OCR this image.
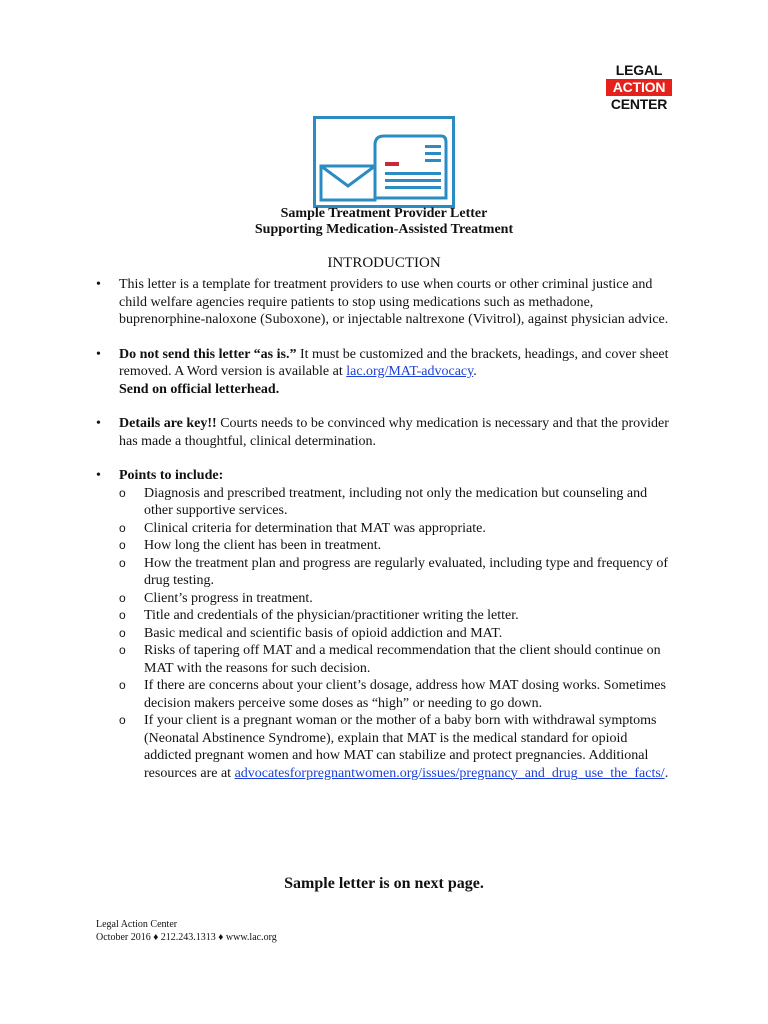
LEGAL
ACTION
CENTER
Sample Treatment Provider Letter
Supporting Medication-Assisted Treatment
INTRODUCTION
• This letter is a template for treatment providers to use when courts or other criminal justice and child welfare agencies require patients to stop using medications such as methadone, buprenorphine-naloxone (Suboxone), or injectable naltrexone (Vivitrol), against physician advice.
• Do not send this letter “as is.” It must be customized and the brackets, headings, and cover sheet removed. A Word version is available at lac.org/MAT-advocacy.
Send on official letterhead.
• Details are key!! Courts needs to be convinced why medication is necessary and that the provider has made a thoughtful, clinical determination.
• Points to include:
o Diagnosis and prescribed treatment, including not only the medication but counseling and other supportive services.
o Clinical criteria for determination that MAT was appropriate.
o How long the client has been in treatment.
o How the treatment plan and progress are regularly evaluated, including type and frequency of drug testing.
o Client’s progress in treatment.
o Title and credentials of the physician/practitioner writing the letter.
o Basic medical and scientific basis of opioid addiction and MAT.
o Risks of tapering off MAT and a medical recommendation that the client should continue on MAT with the reasons for such decision.
o If there are concerns about your client’s dosage, address how MAT dosing works. Sometimes decision makers perceive some doses as “high” or needing to go down.
o If your client is a pregnant woman or the mother of a baby born with withdrawal symptoms (Neonatal Abstinence Syndrome), explain that MAT is the medical standard for opioid addicted pregnant women and how MAT can stabilize and protect pregnancies. Additional resources are at advocatesforpregnantwomen.org/issues/pregnancy_and_drug_use_the_facts/.
Sample letter is on next page.
Legal Action Center
October 2016 ♦ 212.243.1313 ♦ www.lac.org
